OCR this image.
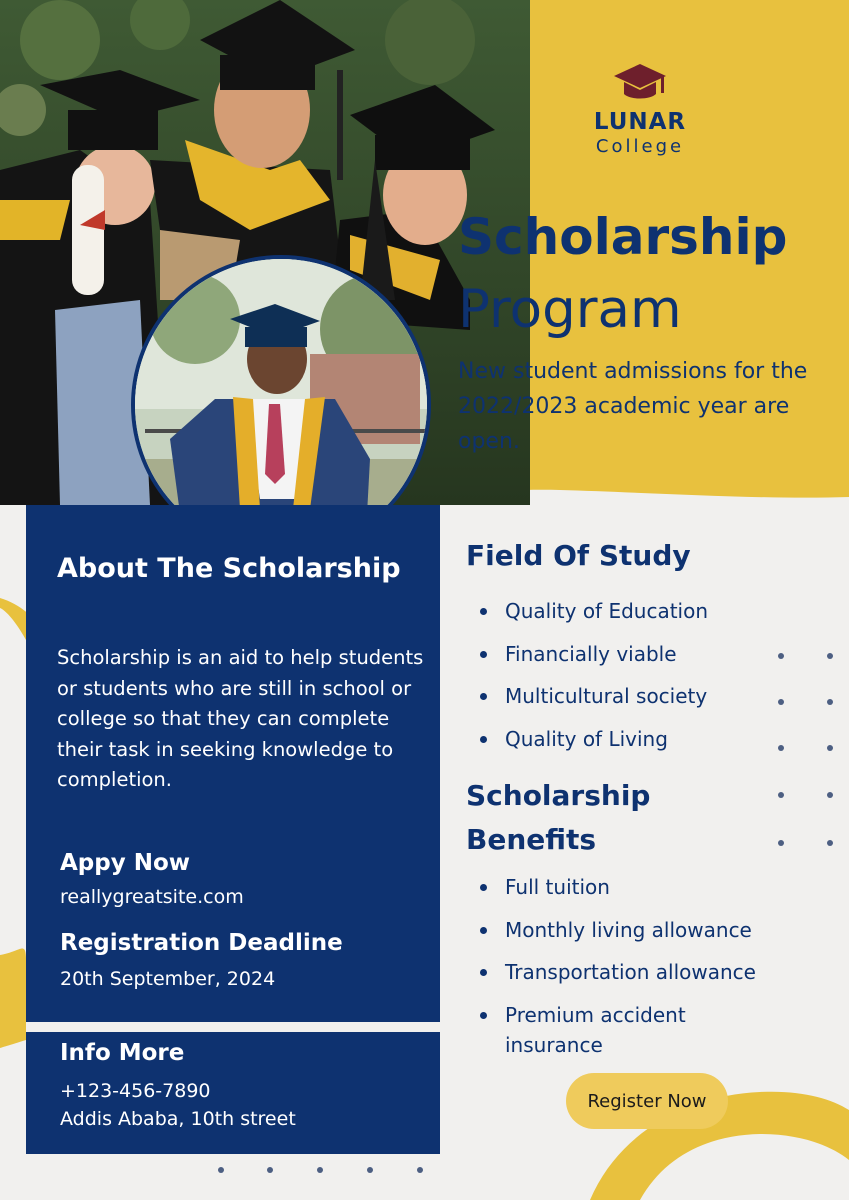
LUNAR
College
Scholarship
Program
New student admissions for the 2022/2023 academic year are open.
About The Scholarship
Scholarship is an aid to help students or students who are still in school or college so that they can complete their task in seeking knowledge to completion.
Appy Now
reallygreatsite.com
Registration Deadline
20th September, 2024
Info More
+123-456-7890
Addis Ababa, 10th street
Field Of Study
Quality of Education
Financially viable
Multicultural society
Quality of Living
Scholarship Benefits
Full tuition
Monthly living allowance
Transportation allowance
Premium accident insurance
Register Now
